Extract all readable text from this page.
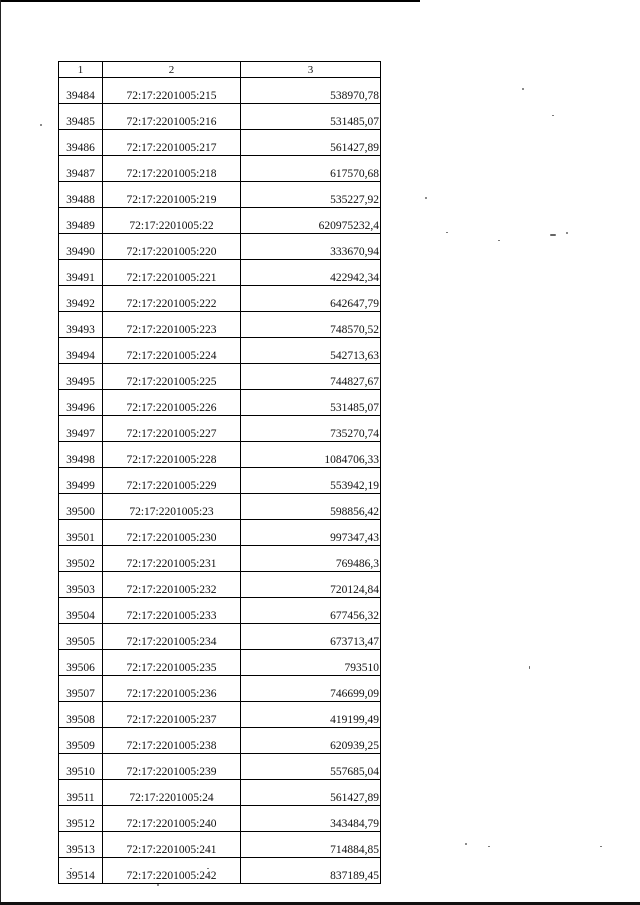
1	2	3
39484	72:17:2201005:215	538970,78
39485	72:17:2201005:216	531485,07
39486	72:17:2201005:217	561427,89
39487	72:17:2201005:218	617570,68
39488	72:17:2201005:219	535227,92
39489	72:17:2201005:22	620975232,4
39490	72:17:2201005:220	333670,94
39491	72:17:2201005:221	422942,34
39492	72:17:2201005:222	642647,79
39493	72:17:2201005:223	748570,52
39494	72:17:2201005:224	542713,63
39495	72:17:2201005:225	744827,67
39496	72:17:2201005:226	531485,07
39497	72:17:2201005:227	735270,74
39498	72:17:2201005:228	1084706,33
39499	72:17:2201005:229	553942,19
39500	72:17:2201005:23	598856,42
39501	72:17:2201005:230	997347,43
39502	72:17:2201005:231	769486,3
39503	72:17:2201005:232	720124,84
39504	72:17:2201005:233	677456,32
39505	72:17:2201005:234	673713,47
39506	72:17:2201005:235	793510
39507	72:17:2201005:236	746699,09
39508	72:17:2201005:237	419199,49
39509	72:17:2201005:238	620939,25
39510	72:17:2201005:239	557685,04
39511	72:17:2201005:24	561427,89
39512	72:17:2201005:240	343484,79
39513	72:17:2201005:241	714884,85
39514	72:17:2201005:242	837189,45
